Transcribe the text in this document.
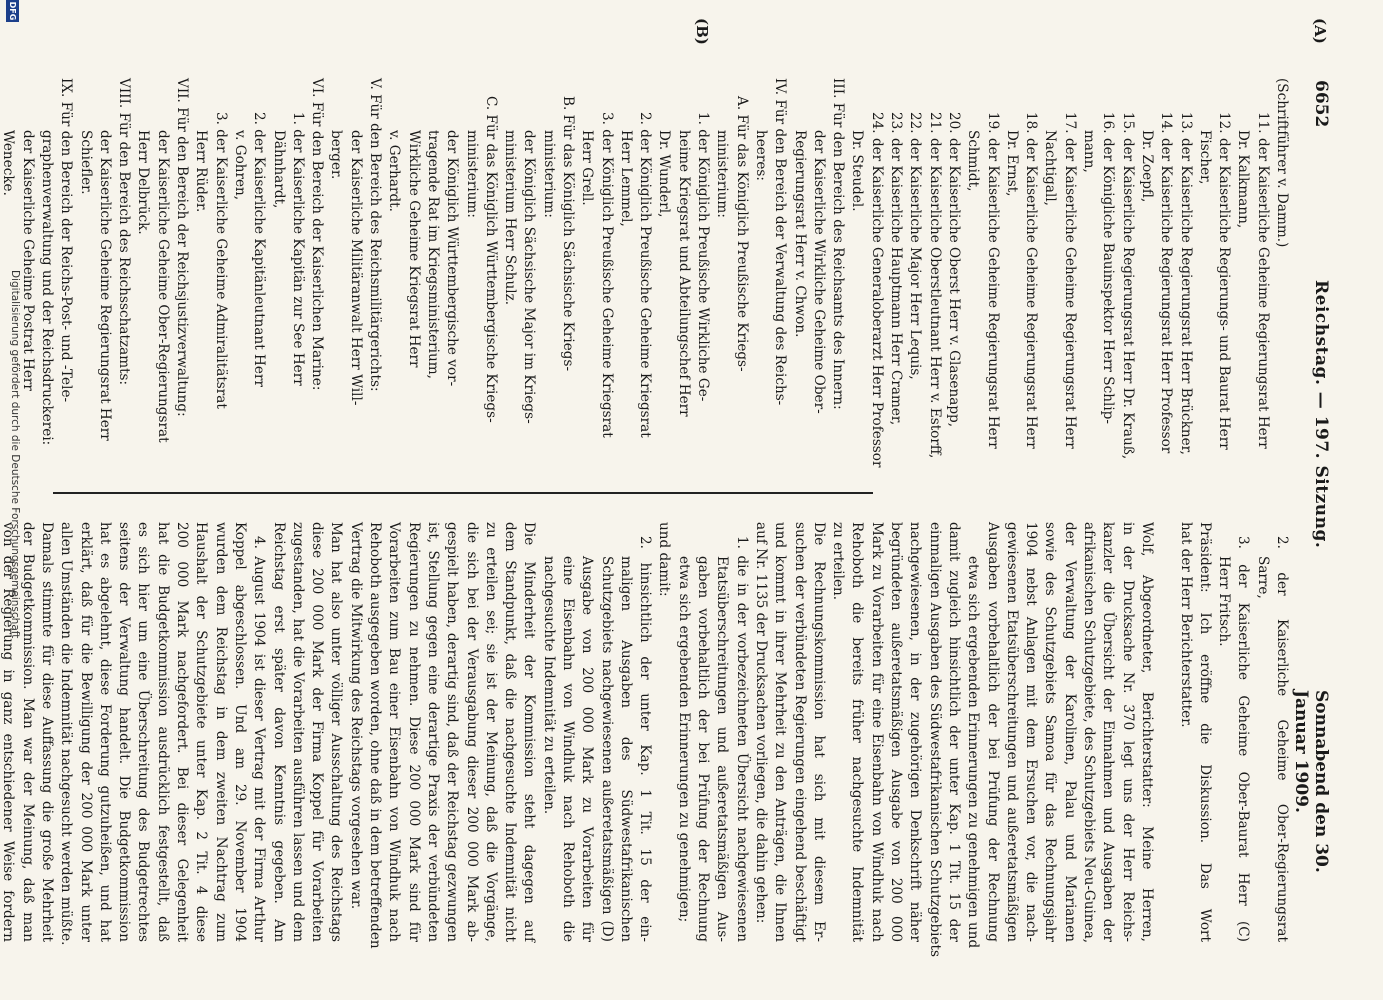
6652
Reichstag. — 197. Sitzung.
Sonnabend den 30. Januar 1909.
(A)
(B)
(Schriftführer v. Damm.)
11. der Kaiserliche Geheime Regierungsrat Herr
Dr. Kalkmann,
12. der Kaiserliche Regierungs- und Baurat Herr
Fischer,
13. der Kaiserliche Regierungsrat Herr Brückner,
14. der Kaiserliche Regierungsrat Herr Professor
Dr. Zoepfl,
15. der Kaiserliche Regierungsrat Herr Dr. Krauß,
16. der Königliche Bauinspektor Herr Schlip-
mann,
17. der Kaiserliche Geheime Regierungsrat Herr
Nachtigall,
18. der Kaiserliche Geheime Regierungsrat Herr
Dr. Ernst,
19. der Kaiserliche Geheime Regierungsrat Herr
Schmidt,
20. der Kaiserliche Oberst Herr v. Glasenapp,
21. der Kaiserliche Oberstleutnant Herr v. Estorff,
22. der Kaiserliche Major Herr Lequis,
23. der Kaiserliche Hauptmann Herr Cramer,
24. der Kaiserliche Generaloberarzt Herr Professor
Dr. Steudel.
III. Für den Bereich des Reichsamts des Innern:
der Kaiserliche Wirkliche Geheime Ober-
Regierungsrat Herr v. Chwon.
IV. Für den Bereich der Verwaltung des Reichs-
heeres:
A. Für das Königlich Preußische Kriegs-
ministerium:
1. der Königlich Preußische Wirkliche Ge-
heime Kriegsrat und Abteilungschef Herr
Dr. Wunderl,
2. der Königlich Preußische Geheime Kriegsrat
Herr Lemmel,
3. der Königlich Preußische Geheime Kriegsrat
Herr Grell.
B. Für das Königlich Sächsische Kriegs-
ministerium:
der Königlich Sächsische Major im Kriegs-
ministerium Herr Schulz.
C. Für das Königlich Württembergische Kriegs-
ministerium:
der Königlich Württembergische vor-
tragende Rat im Kriegsministerium,
Wirkliche Geheime Kriegsrat Herr
v. Gerhardt.
V. Für den Bereich des Reichsmilitärgerichts:
der Kaiserliche Militäranwalt Herr Will-
berger.
VI. Für den Bereich der Kaiserlichen Marine:
1. der Kaiserliche Kapitän zur See Herr
Dähnhardt,
2. der Kaiserliche Kapitänleutnant Herr
v. Gohren,
3. der Kaiserliche Geheime Admiralitätsrat
Herr Rüder.
VII. Für den Bereich der Reichsjustizverwaltung:
der Kaiserliche Geheime Ober-Regierungsrat
Herr Delbrück.
VIII. Für den Bereich des Reichsschatzamts:
der Kaiserliche Geheime Regierungsrat Herr
Schiefler.
IX. Für den Bereich der Reichs-Post- und -Tele-
graphenverwaltung und der Reichsdruckerei:
der Kaiserliche Geheime Postrat Herr
Wenecke.
2. der Kaiserliche Geheime Ober-Regierungsrat
Sarre,
3. der Kaiserliche Geheime Ober-Baurat Herr (C)
Herr Fritsch.
Präsident: Ich eröffne die Diskussion. Das Wort
hat der Herr Berichterstatter.

Wolf, Abgeordneter, Berichterstatter: Meine Herren,
in der Drucksache Nr. 370 legt uns der Herr Reichs-
kanzler die Übersicht der Einnahmen und Ausgaben der
afrikanischen Schutzgebiete, des Schutzgebiets Neu-Guinea,
der Verwaltung der Karolinen, Palau und Marianen
sowie des Schutzgebiets Samoa für das Rechnungsjahr
1904 nebst Anlagen mit dem Ersuchen vor, die nach-
gewiesenen Etatsüberschreitungen und außeretatsmäßigen
Ausgaben vorbehaltlich der bei Prüfung der Rechnung
etwa sich ergebenden Erinnerungen zu genehmigen und
damit zugleich hinsichtlich der unter Kap. 1 Tit. 15 der
einmaligen Ausgaben des Südwestafrikanischen Schutzgebiets
nachgewiesenen, in der zugehörigen Denkschrift näher
begründeten außeretatsmäßigen Ausgabe von 200 000
Mark zu Vorarbeiten für eine Eisenbahn von Windhuk nach
Rehoboth die bereits früher nachgesuchte Indemnität
zu erteilen.
Die Rechnungskommission hat sich mit diesem Er-
suchen der verbündeten Regierungen eingehend beschäftigt
und kommt in ihrer Mehrheit zu den Anträgen, die Ihnen
auf Nr. 1135 der Drucksachen vorliegen, die dahin gehen:
1. die in der vorbezeichneten Übersicht nachgewiesenen
Etatsüberschreitungen und außeretatsmäßigen Aus-
gaben vorbehaltlich der bei Prüfung der Rechnung
etwa sich ergebenden Erinnerungen zu genehmigen;
und damit:
2. hinsichtlich der unter Kap. 1 Tit. 15 der ein-
maligen Ausgaben des Südwestafrikanischen
Schutzgebiets nachgewiesenen außeretatsmäßigen (D)
Ausgabe von 200 000 Mark zu Vorarbeiten für
eine Eisenbahn von Windhuk nach Rehoboth die
nachgesuchte Indemnität zu erteilen.
Die Minderheit der Kommission steht dagegen auf
dem Standpunkt, daß die nachgesuchte Indemnität nicht
zu erteilen sei; sie ist der Meinung, daß die Vorgänge,
die sich bei der Verausgabung dieser 200 000 Mark ab-
gespielt haben, derartig sind, daß der Reichstag gezwungen
ist, Stellung gegen eine derartige Praxis der verbündeten
Regierungen zu nehmen. Diese 200 000 Mark sind für
Vorarbeiten zum Bau einer Eisenbahn von Windhuk nach
Rehoboth ausgegeben worden, ohne daß in dem betreffenden
Vertrag die Mitwirkung des Reichstags vorgesehen war.
Man hat also unter völliger Ausschaltung des Reichstags
diese 200 000 Mark der Firma Koppel für Vorarbeiten
zugestanden, hat die Vorarbeiten ausführen lassen und dem
Reichstag erst später davon Kenntnis gegeben. Am
4. August 1904 ist dieser Vertrag mit der Firma Arthur
Koppel abgeschlossen. Und am 29. November 1904
wurden dem Reichstag in dem zweiten Nachtrag zum
Haushalt der Schutzgebiete unter Kap. 2 Tit. 4 diese
200 000 Mark nachgefordert. Bei dieser Gelegenheit
hat die Budgetkommission ausdrücklich festgestellt, daß
es sich hier um eine Überschreitung des Budgetrechtes
seitens der Verwaltung handelt. Die Budgetkommission
hat es abgelehnt, diese Forderung gutzuheißen, und hat
erklärt, daß für die Bewilligung der 200 000 Mark unter
allen Umständen die Indemnität nachgesucht werden müßte.
Damals stimmte für diese Auffassung die große Mehrheit
der Budgetkommission. Man war der Meinung, daß man
von der Regierung in ganz entschiedener Weise fordern
DFG
Digitalisierung gefördert durch die Deutsche Forschungsgemeinschaft
